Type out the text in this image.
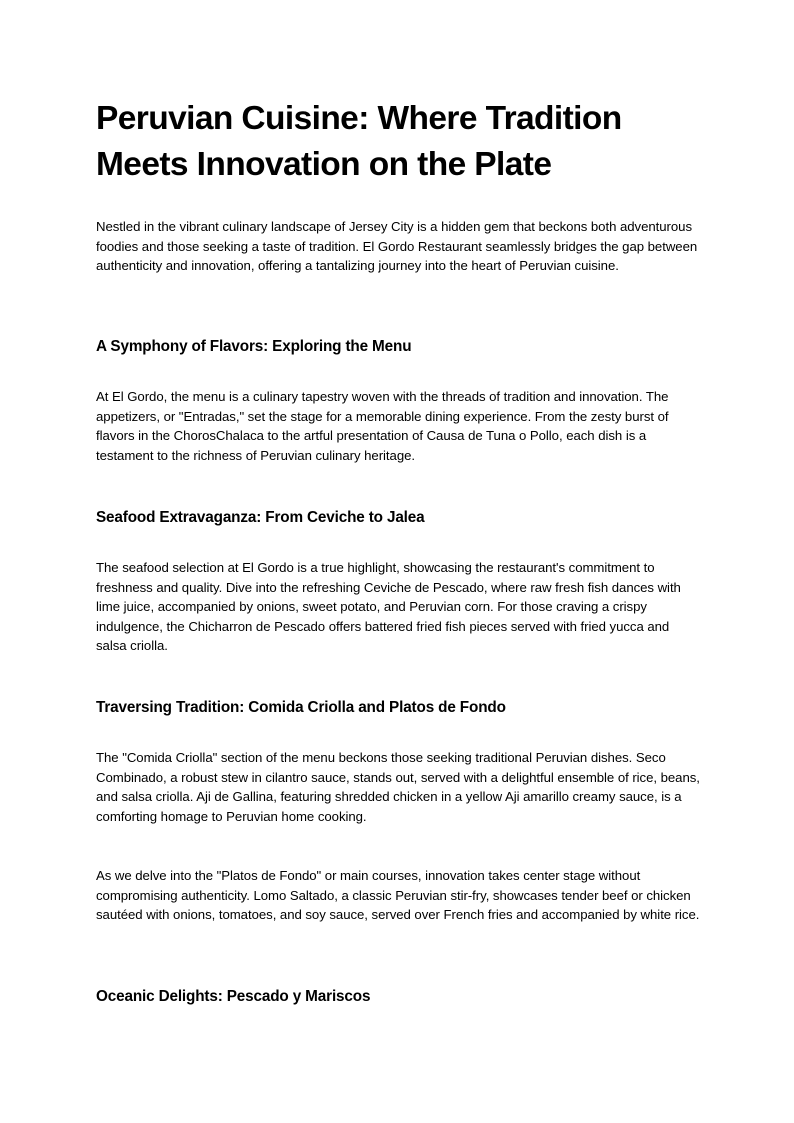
Peruvian Cuisine: Where Tradition Meets Innovation on the Plate

Nestled in the vibrant culinary landscape of Jersey City is a hidden gem that beckons both adventurous foodies and those seeking a taste of tradition. El Gordo Restaurant seamlessly bridges the gap between authenticity and innovation, offering a tantalizing journey into the heart of Peruvian cuisine.

A Symphony of Flavors: Exploring the Menu

At El Gordo, the menu is a culinary tapestry woven with the threads of tradition and innovation. The appetizers, or "Entradas," set the stage for a memorable dining experience. From the zesty burst of flavors in the ChorosChalaca to the artful presentation of Causa de Tuna o Pollo, each dish is a testament to the richness of Peruvian culinary heritage.

Seafood Extravaganza: From Ceviche to Jalea

The seafood selection at El Gordo is a true highlight, showcasing the restaurant's commitment to freshness and quality. Dive into the refreshing Ceviche de Pescado, where raw fresh fish dances with lime juice, accompanied by onions, sweet potato, and Peruvian corn. For those craving a crispy indulgence, the Chicharron de Pescado offers battered fried fish pieces served with fried yucca and salsa criolla.

Traversing Tradition: Comida Criolla and Platos de Fondo

The "Comida Criolla" section of the menu beckons those seeking traditional Peruvian dishes. Seco Combinado, a robust stew in cilantro sauce, stands out, served with a delightful ensemble of rice, beans, and salsa criolla. Aji de Gallina, featuring shredded chicken in a yellow Aji amarillo creamy sauce, is a comforting homage to Peruvian home cooking.

As we delve into the "Platos de Fondo" or main courses, innovation takes center stage without compromising authenticity. Lomo Saltado, a classic Peruvian stir-fry, showcases tender beef or chicken sautéed with onions, tomatoes, and soy sauce, served over French fries and accompanied by white rice.

Oceanic Delights: Pescado y Mariscos
